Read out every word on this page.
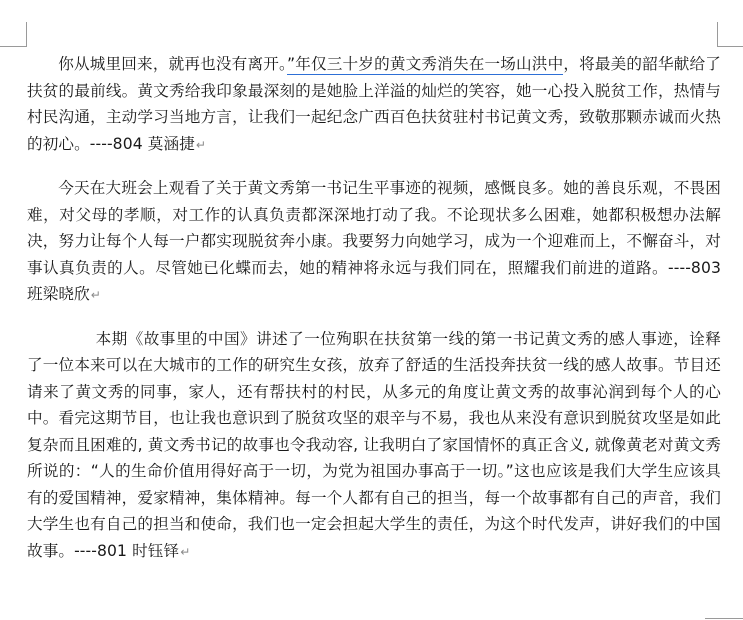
你从城里回来，就再也没有离开。”年仅三十岁的黄文秀消失在一场山洪中，将最美的韶华献给了扶贫的最前线。黄文秀给我印象最深刻的是她脸上洋溢的灿烂的笑容，她一心投入脱贫工作，热情与村民沟通，主动学习当地方言，让我们一起纪念广西百色扶贫驻村书记黄文秀，致敬那颗赤诚而火热的初心。----804 莫涵捷↵

今天在大班会上观看了关于黄文秀第一书记生平事迹的视频，感慨良多。她的善良乐观，不畏困难，对父母的孝顺，对工作的认真负责都深深地打动了我。不论现状多么困难，她都积极想办法解决，努力让每个人每一户都实现脱贫奔小康。我要努力向她学习，成为一个迎难而上，不懈奋斗，对事认真负责的人。尽管她已化蝶而去，她的精神将永远与我们同在，照耀我们前进的道路。----803 班梁晓欣↵

本期《故事里的中国》讲述了一位殉职在扶贫第一线的第一书记黄文秀的感人事迹，诠释了一位本来可以在大城市的工作的研究生女孩，放弃了舒适的生活投奔扶贫一线的感人故事。节目还请来了黄文秀的同事，家人，还有帮扶村的村民，从多元的角度让黄文秀的故事沁润到每个人的心中。看完这期节目，也让我也意识到了脱贫攻坚的艰辛与不易，我也从来没有意识到脱贫攻坚是如此复杂而且困难的, 黄文秀书记的故事也令我动容, 让我明白了家国情怀的真正含义, 就像黄老对黄文秀所说的：“人的生命价值用得好高于一切，为党为祖国办事高于一切。”这也应该是我们大学生应该具有的爱国精神，爱家精神，集体精神。每一个人都有自己的担当，每一个故事都有自己的声音，我们大学生也有自己的担当和使命，我们也一定会担起大学生的责任，为这个时代发声，讲好我们的中国故事。----801 时钰铎↵
